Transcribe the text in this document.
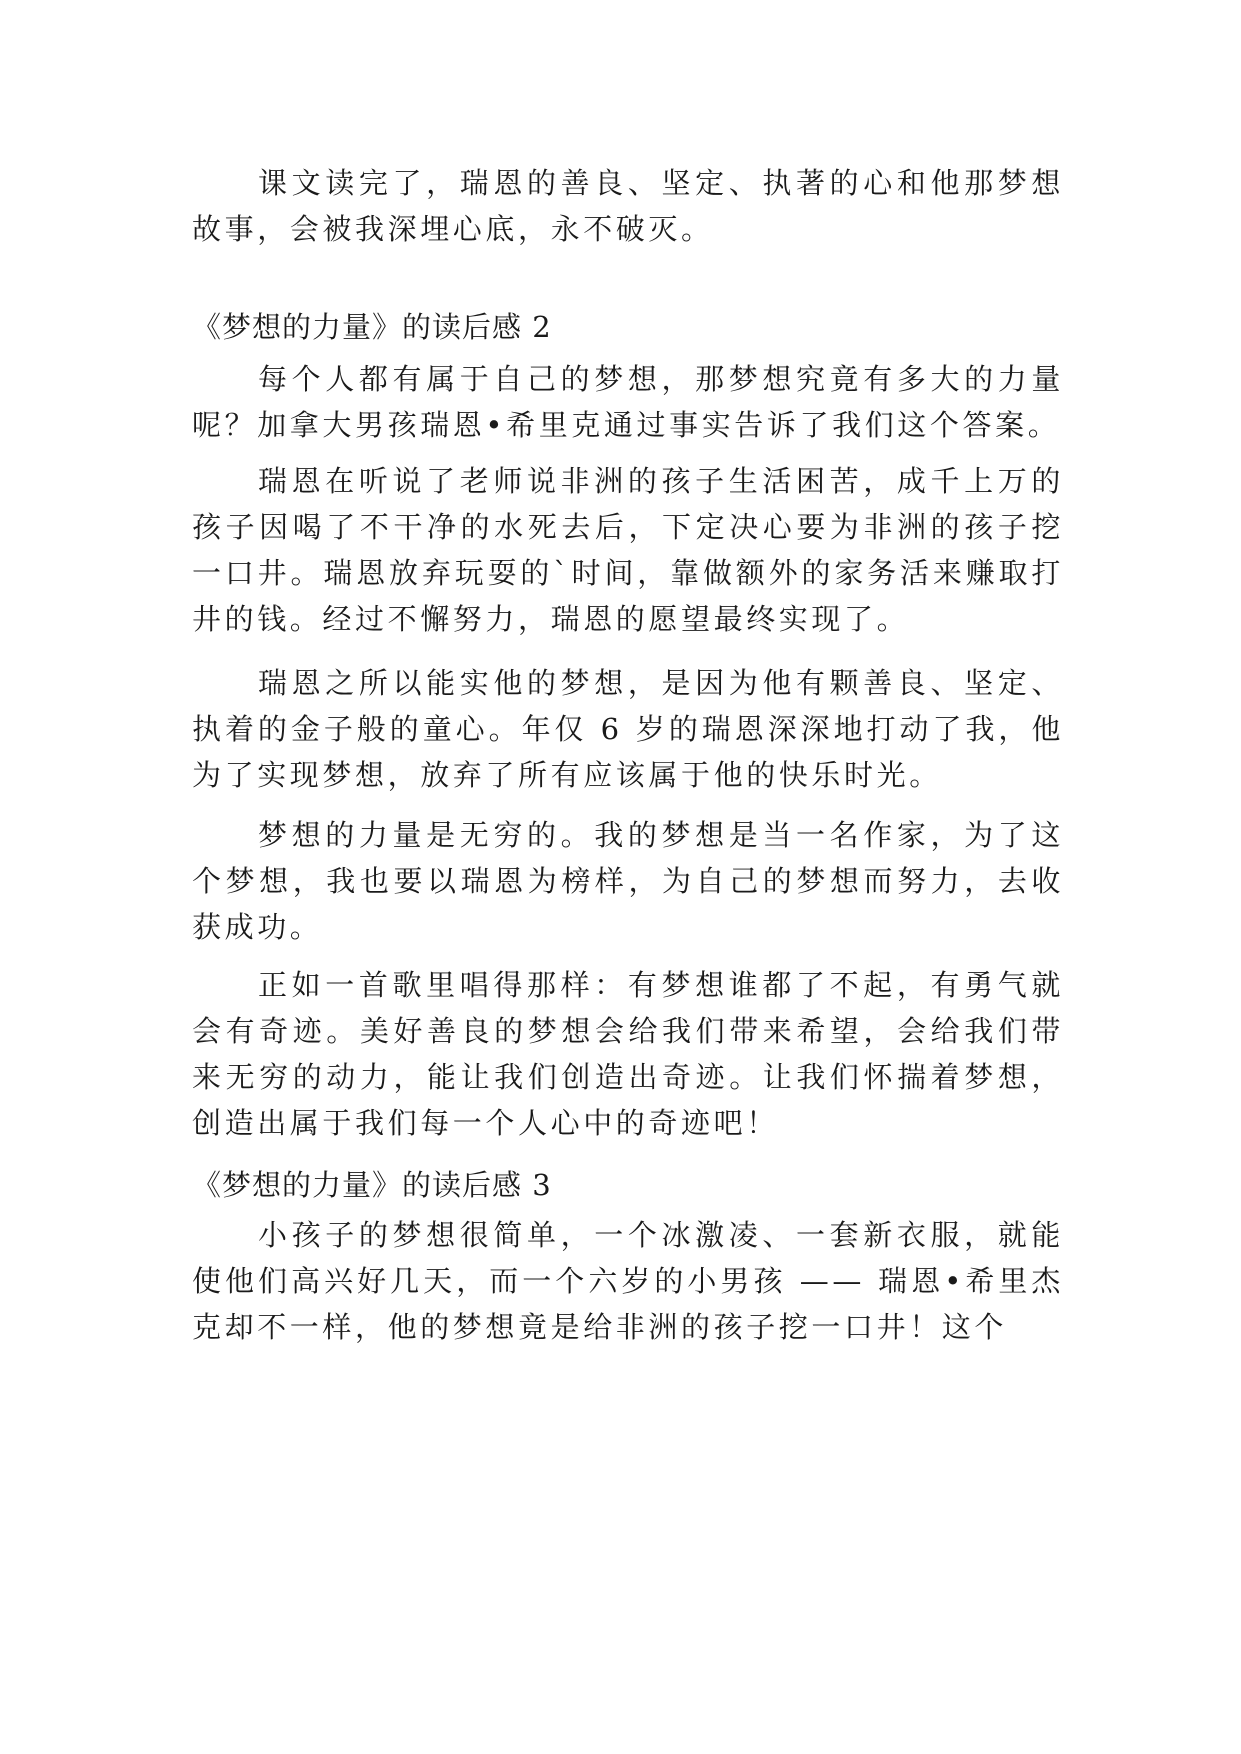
课文读完了，瑞恩的善良、坚定、执著的心和他那梦想故事，会被我深埋心底，永不破灭。

《梦想的力量》的读后感 2

每个人都有属于自己的梦想，那梦想究竟有多大的力量呢？加拿大男孩瑞恩•希里克通过事实告诉了我们这个答案。

瑞恩在听说了老师说非洲的孩子生活困苦，成千上万的孩子因喝了不干净的水死去后，下定决心要为非洲的孩子挖一口井。瑞恩放弃玩耍的`时间，靠做额外的家务活来赚取打井的钱。经过不懈努力，瑞恩的愿望最终实现了。

瑞恩之所以能实他的梦想，是因为他有颗善良、坚定、执着的金子般的童心。年仅 6 岁的瑞恩深深地打动了我，他为了实现梦想，放弃了所有应该属于他的快乐时光。

梦想的力量是无穷的。我的梦想是当一名作家，为了这个梦想，我也要以瑞恩为榜样，为自己的梦想而努力，去收获成功。

正如一首歌里唱得那样：有梦想谁都了不起，有勇气就会有奇迹。美好善良的梦想会给我们带来希望，会给我们带来无穷的动力，能让我们创造出奇迹。让我们怀揣着梦想，创造出属于我们每一个人心中的奇迹吧！

《梦想的力量》的读后感 3

小孩子的梦想很简单，一个冰激凌、一套新衣服，就能使他们高兴好几天，而一个六岁的小男孩 —— 瑞恩•希里杰克却不一样，他的梦想竟是给非洲的孩子挖一口井！这个
